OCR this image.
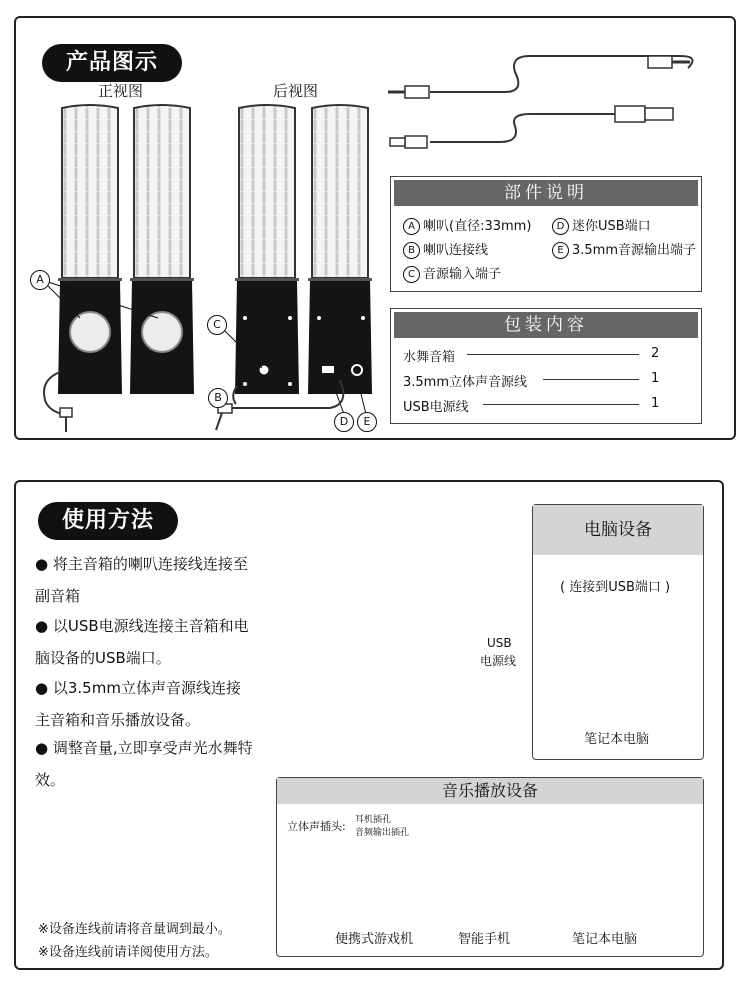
产品图示
正视图	后视图
A
C
B
D	E
部件说明
A 喇叭(直径:33mm)	D 迷你USB端口
B 喇叭连接线	E 3.5mm音源输出端子
C 音源输入端子
包装内容
水舞音箱	2
3.5mm立体声音源线	1
USB电源线	1
使用方法
● 将主音箱的喇叭连接线连接至副音箱
● 以USB电源线连接主音箱和电脑设备的USB端口。
● 以3.5mm立体声音源线连接主音箱和音乐播放设备。
● 调整音量,立即享受声光水舞特效。
※设备连线前请将音量调到最小。
※设备连线前请详阅使用方法。
电脑设备
( 连接到USB端口 )
笔记本电脑
USB
电源线
音乐播放设备
立体声插头: 耳机插孔
音频输出插孔
便携式游戏机	智能手机	笔记本电脑
